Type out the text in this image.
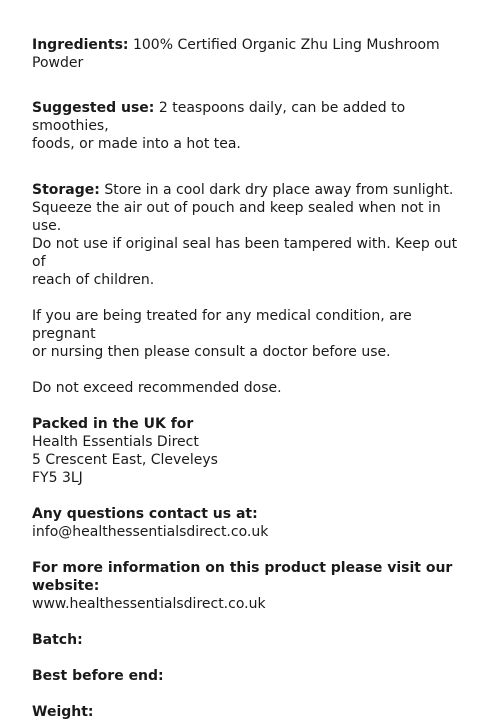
Ingredients: 100% Certified Organic Zhu Ling Mushroom Powder

Suggested use: 2 teaspoons daily, can be added to smoothies,
foods, or made into a hot tea.

Storage: Store in a cool dark dry place away from sunlight.
Squeeze the air out of pouch and keep sealed when not in use.
Do not use if original seal has been tampered with. Keep out of
reach of children.

If you are being treated for any medical condition, are pregnant
or nursing then please consult a doctor before use.

Do not exceed recommended dose.

Packed in the UK for
Health Essentials Direct
5 Crescent East, Cleveleys
FY5 3LJ

Any questions contact us at:
info@healthessentialsdirect.co.uk

For more information on this product please visit our website:
www.healthessentialsdirect.co.uk

Batch:

Best before end:

Weight:
